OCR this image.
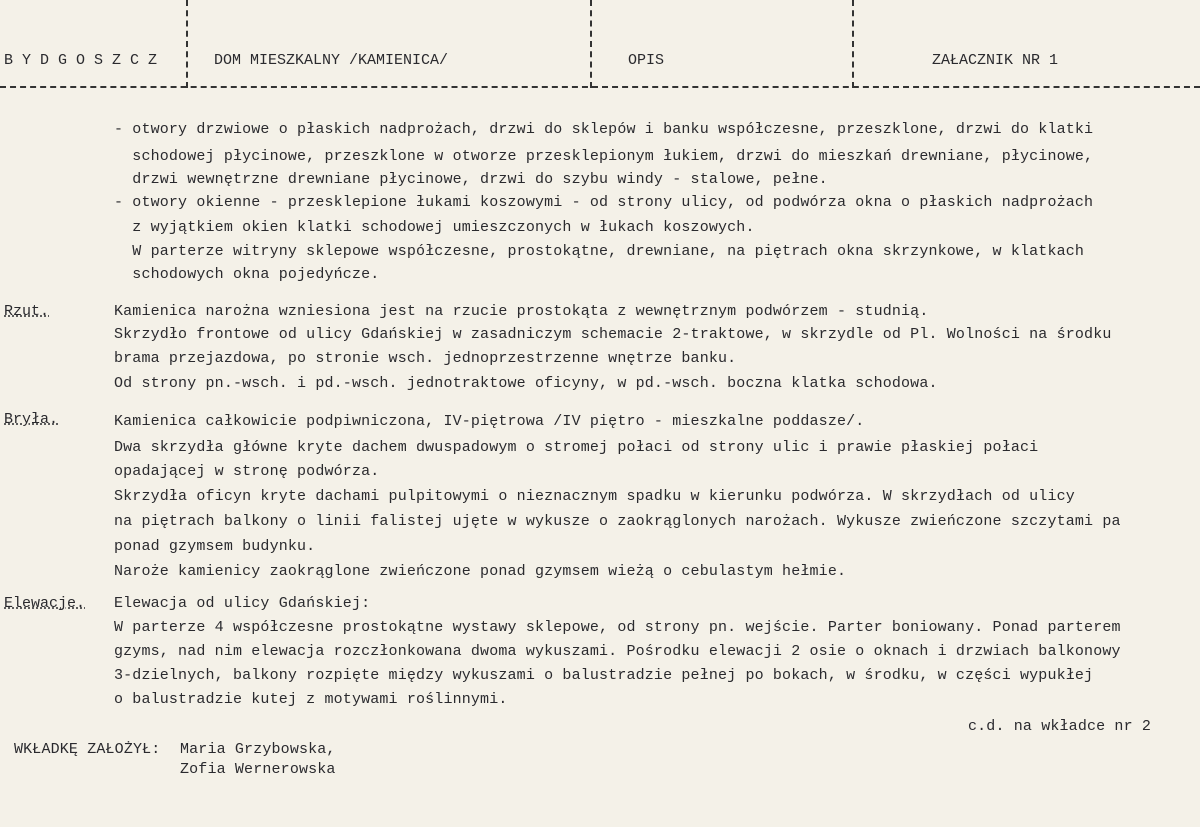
B Y D G O S Z C Z	DOM MIESZKALNY /KAMIENICA/	OPIS	ZAŁACZNIK NR 1
- otwory drzwiowe o płaskich nadprożach, drzwi do sklepów i banku współczesne, przeszklone, drzwi do klatki
schodowej płycinowe, przeszklone w otworze przesklepionym łukiem, drzwi do mieszkań drewniane, płycinowe,
drzwi wewnętrzne drewniane płycinowe, drzwi do szybu windy - stalowe, pełne.
- otwory okienne - przesklepione łukami koszowymi - od strony ulicy, od podwórza okna o płaskich nadprożach
z wyjątkiem okien klatki schodowej umieszczonych w łukach koszowych.
W parterze witryny sklepowe współczesne, prostokątne, drewniane, na piętrach okna skrzynkowe, w klatkach
schodowych okna pojedyńcze.
Rzut.	Kamienica narożna wzniesiona jest na rzucie prostokąta z wewnętrznym podwórzem - studnią.
Skrzydło frontowe od ulicy Gdańskiej w zasadniczym schemacie 2-traktowe, w skrzydle od Pl. Wolności na środku
brama przejazdowa, po stronie wsch. jednoprzestrzenne wnętrze banku.
Od strony pn.-wsch. i pd.-wsch. jednotraktowe oficyny, w pd.-wsch. boczna klatka schodowa.
Bryła.	Kamienica całkowicie podpiwniczona, IV-piętrowa /IV piętro - mieszkalne poddasze/.
Dwa skrzydła główne kryte dachem dwuspadowym o stromej połaci od strony ulic i prawie płaskiej połaci
opadającej w stronę podwórza.
Skrzydła oficyn kryte dachami pulpitowymi o nieznacznym spadku w kierunku podwórza. W skrzydłach od ulicy
na piętrach balkony o linii falistej ujęte w wykusze o zaokrąglonych narożach. Wykusze zwieńczone szczytami pa
ponad gzymsem budynku.
Naroże kamienicy zaokrąglone zwieńczone ponad gzymsem wieżą o cebulastym hełmie.
Elewacje. Elewacja od ulicy Gdańskiej:
W parterze 4 współczesne prostokątne wystawy sklepowe, od strony pn. wejście. Parter boniowany. Ponad parterem
gzyms, nad nim elewacja rozczłonkowana dwoma wykuszami. Pośrodku elewacji 2 osie o oknach i drzwiach balkonowy
3-dzielnych, balkony rozpięte między wykuszami o balustradzie pełnej po bokach, w środku, w części wypukłej
o balustradzie kutej z motywami roślinnymi.
c.d. na wkładce nr 2
WKŁADKĘ ZAŁOŻYŁ: Maria Grzybowska,
Zofia Wernerowska
